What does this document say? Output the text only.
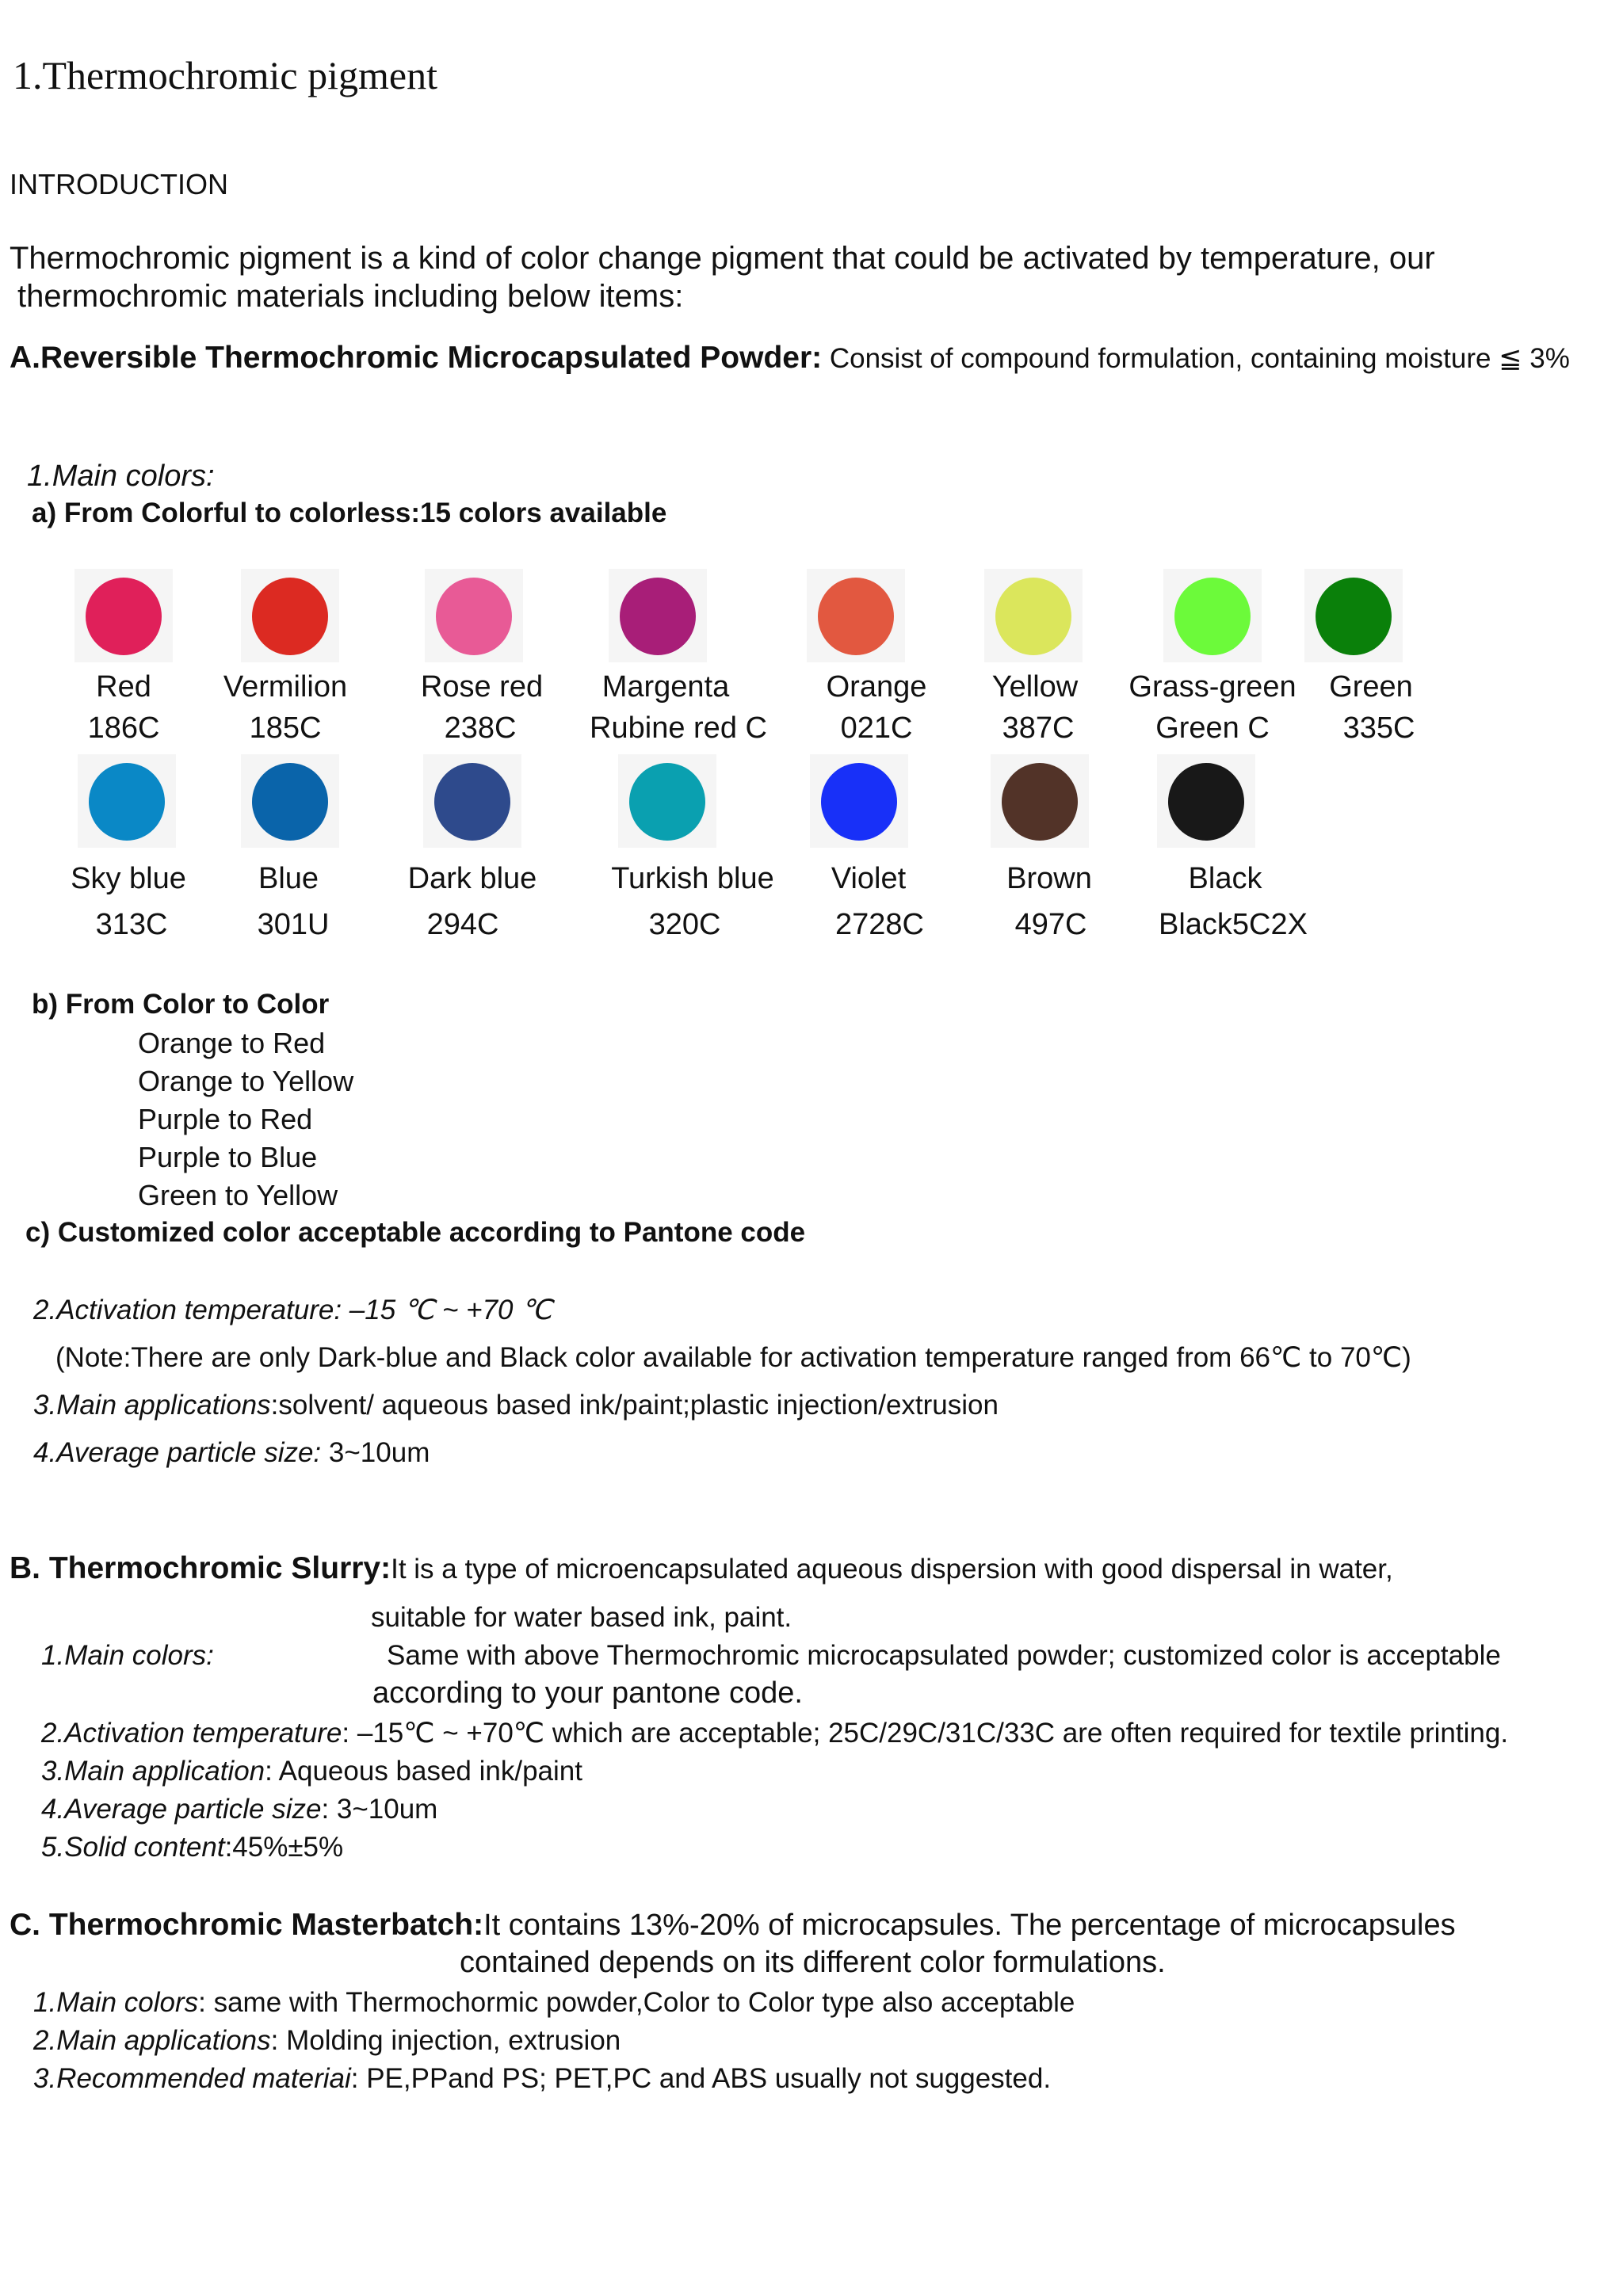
1.Thermochromic pigment
INTRODUCTION
Thermochromic pigment is a kind of color change pigment that could be activated by temperature, our
thermochromic materials including below items:
A.Reversible Thermochromic Microcapsulated Powder: Consist of compound formulation, containing moisture ≦ 3%
1.Main colors:
a) From Colorful to colorless:15 colors available
Red
186C
Vermilion
185C
Rose red
238C
Margenta
Rubine red C
Orange
021C
Yellow
387C
Grass-green
Green C
Green
335C
Sky blue
313C
Blue
301U
Dark blue
294C
Turkish blue
320C
Violet
2728C
Brown
497C
Black
Black5C2X
b) From Color to Color
Orange to Red
Orange to Yellow
Purple to Red
Purple to Blue
Green to Yellow
c) Customized color acceptable according to Pantone code
2.Activation temperature: –15 ℃ ~ +70 ℃
(Note:There are only Dark-blue and Black color available for activation temperature ranged from 66℃ to 70℃)
3.Main applications:solvent/ aqueous based ink/paint;plastic injection/extrusion
4.Average particle size: 3~10um
B. Thermochromic Slurry:It is a type of microencapsulated aqueous dispersion with good dispersal in water,
suitable for water based ink, paint.
1.Main colors:	Same with above Thermochromic microcapsulated powder; customized color is acceptable
according to your pantone code.
2.Activation temperature: –15℃ ~ +70℃ which are acceptable; 25C/29C/31C/33C are often required for textile printing.
3.Main application: Aqueous based ink/paint
4.Average particle size: 3~10um
5.Solid content:45%±5%
C. Thermochromic Masterbatch:It contains 13%-20% of microcapsules. The percentage of microcapsules
contained depends on its different color formulations.
1.Main colors: same with Thermochormic powder,Color to Color type also acceptable
2.Main applications: Molding injection, extrusion
3.Recommended materiai: PE,PPand PS; PET,PC and ABS usually not suggested.
